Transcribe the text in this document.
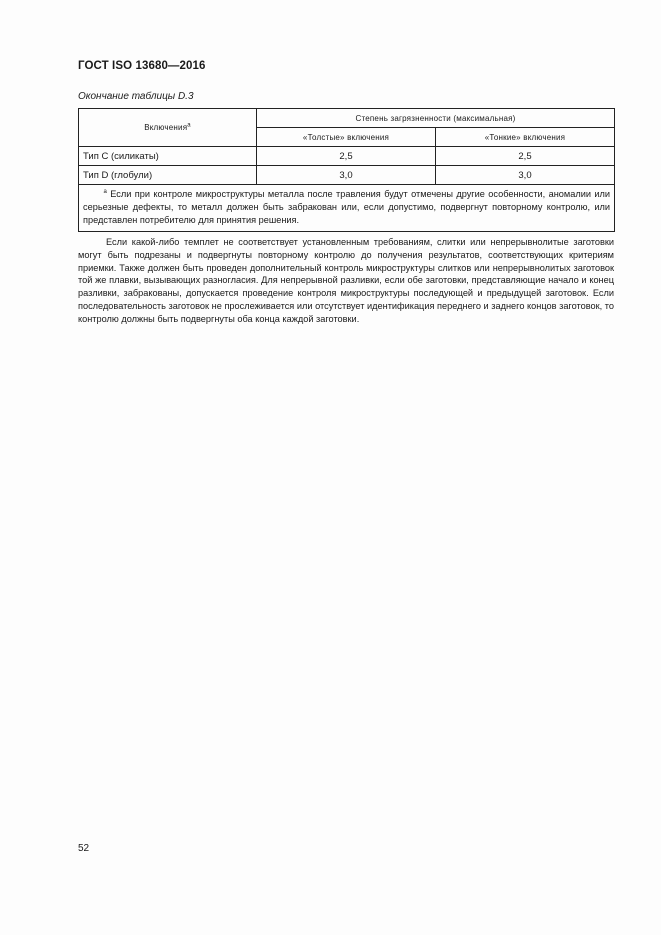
ГОСТ ISO 13680—2016
Окончание таблицы D.3
Включения$^a$	Степень загрязненности (максимальная)	
	«Толстые» включения	«Тонкие» включения
Тип С (силикаты)	2,5	2,5
Тип D (глобули)	3,0	3,0

$^a$ Если при контроле микроструктуры металла после травления будут отмечены другие особенности, аномалии или серьезные дефекты, то металл должен быть забракован или, если допустимо, подвергнут повторному контролю, или представлен потребителю для принятия решения.		

Если какой-либо темплет не соответствует установленным требованиям, слитки или непрерывнолитые заготовки могут быть подрезаны и подвергнуты повторному контролю до получения результатов, соответствующих критериям приемки. Также должен быть проведен дополнительный контроль микроструктуры слитков или непрерывнолитых заготовок той же плавки, вызывающих разногласия. Для непрерывной разливки, если обе заготовки, представляющие начало и конец разливки, забракованы, допускается проведение контроля микроструктуры последующей и предыдущей заготовок. Если последовательность заготовок не прослеживается или отсутствует идентификация переднего и заднего концов заготовок, то контролю должны быть подвергнуты оба конца каждой заготовки.

52
